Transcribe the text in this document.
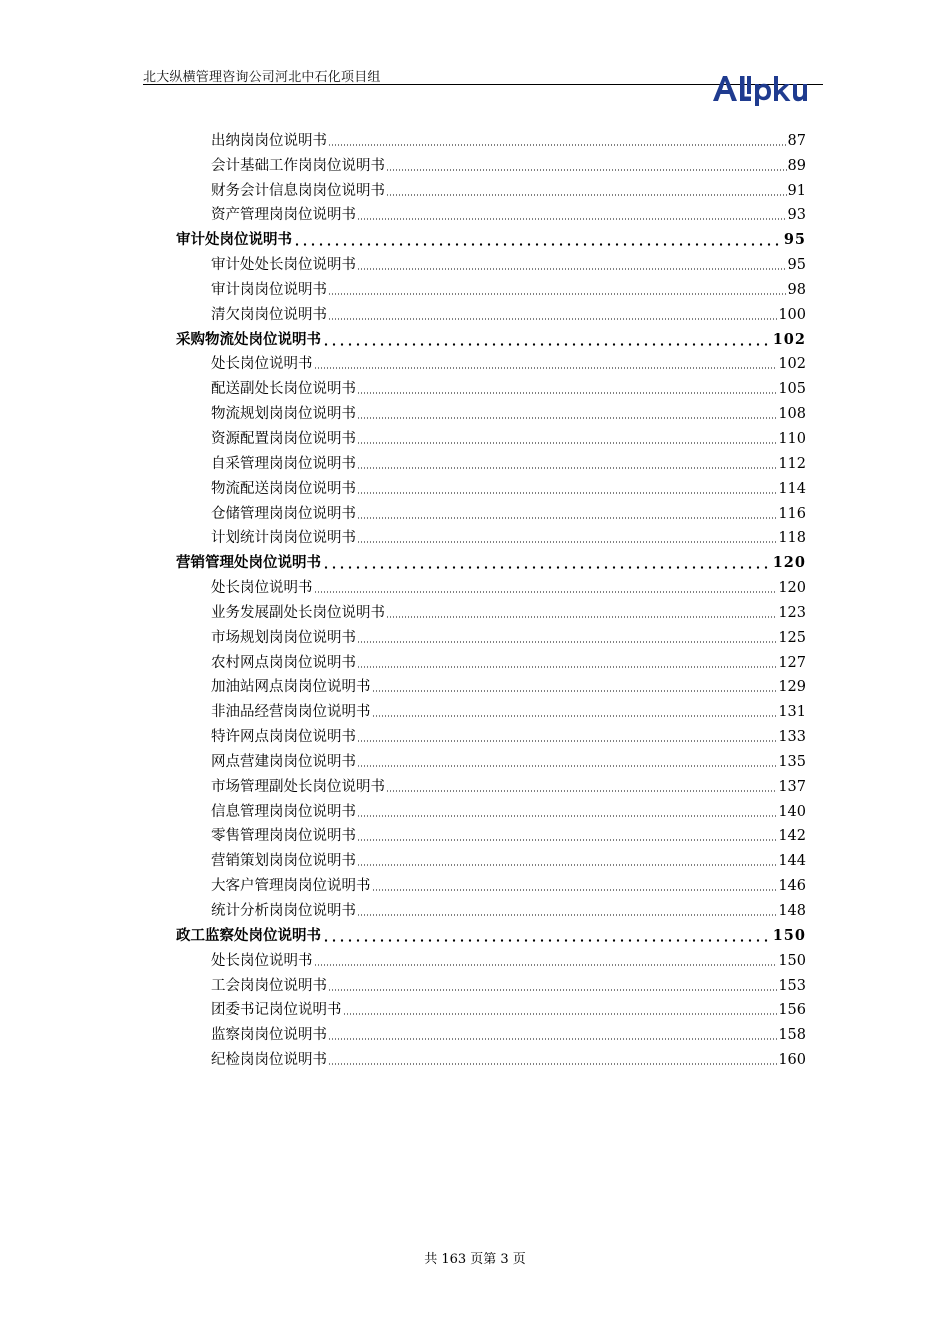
北大纵横管理咨询公司河北中石化项目组
出纳岗岗位说明书	87
会计基础工作岗岗位说明书	89
财务会计信息岗岗位说明书	91
资产管理岗岗位说明书	93
审计处岗位说明书	95
审计处处长岗位说明书	95
审计岗岗位说明书	98
清欠岗岗位说明书	100
采购物流处岗位说明书	102
处长岗位说明书	102
配送副处长岗位说明书	105
物流规划岗岗位说明书	108
资源配置岗岗位说明书	110
自采管理岗岗位说明书	112
物流配送岗岗位说明书	114
仓储管理岗岗位说明书	116
计划统计岗岗位说明书	118
营销管理处岗位说明书	120
处长岗位说明书	120
业务发展副处长岗位说明书	123
市场规划岗岗位说明书	125
农村网点岗岗位说明书	127
加油站网点岗岗位说明书	129
非油品经营岗岗位说明书	131
特许网点岗岗位说明书	133
网点营建岗岗位说明书	135
市场管理副处长岗位说明书	137
信息管理岗岗位说明书	140
零售管理岗岗位说明书	142
营销策划岗岗位说明书	144
大客户管理岗岗位说明书	146
统计分析岗岗位说明书	148
政工监察处岗位说明书	150
处长岗位说明书	150
工会岗岗位说明书	153
团委书记岗位说明书	156
监察岗岗位说明书	158
纪检岗岗位说明书	160
共 163 页第 3 页
